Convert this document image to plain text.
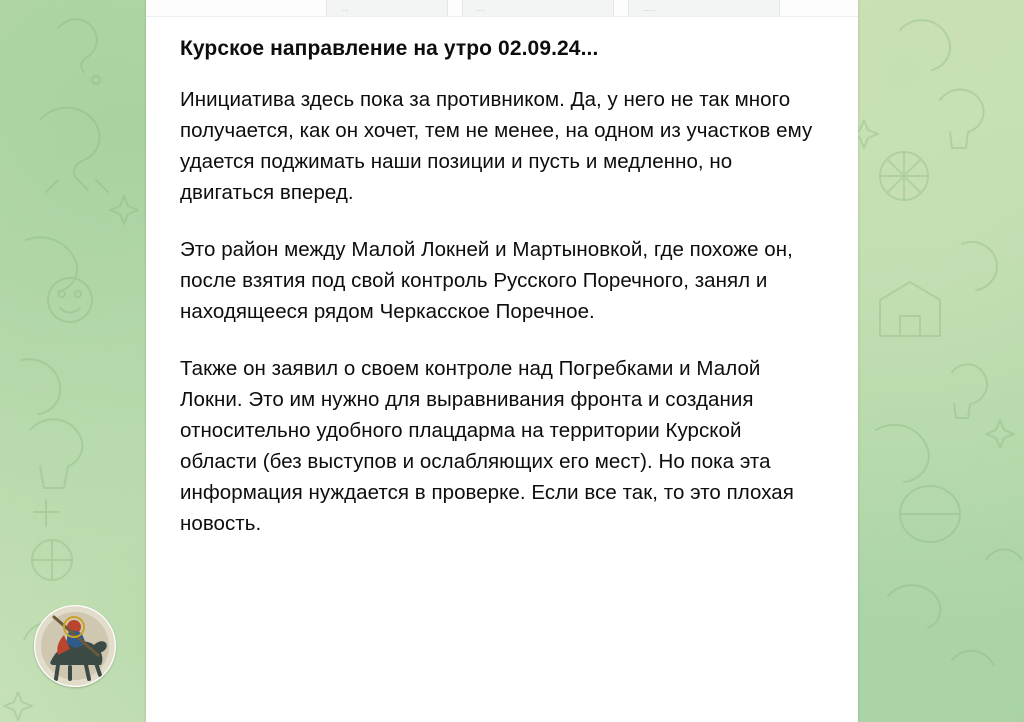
...	....	......
Курское направление на утро 02.09.24...

Инициатива здесь пока за противником. Да, у него не так много получается, как он хочет, тем не менее, на одном из участков ему удается поджимать наши позиции и пусть и медленно, но двигаться вперед.

Это район между Малой Локней и Мартыновкой, где похоже он, после взятия под свой контроль Русского Поречного, занял и находящееся рядом Черкасское Поречное.

Также он заявил о своем контроле над Погребками и Малой Локни. Это им нужно для выравнивания фронта и создания относительно удобного плацдарма на территории Курской области (без выступов и ослабляющих его мест). Но пока эта информация нуждается в проверке. Если все так, то это плохая новость.
